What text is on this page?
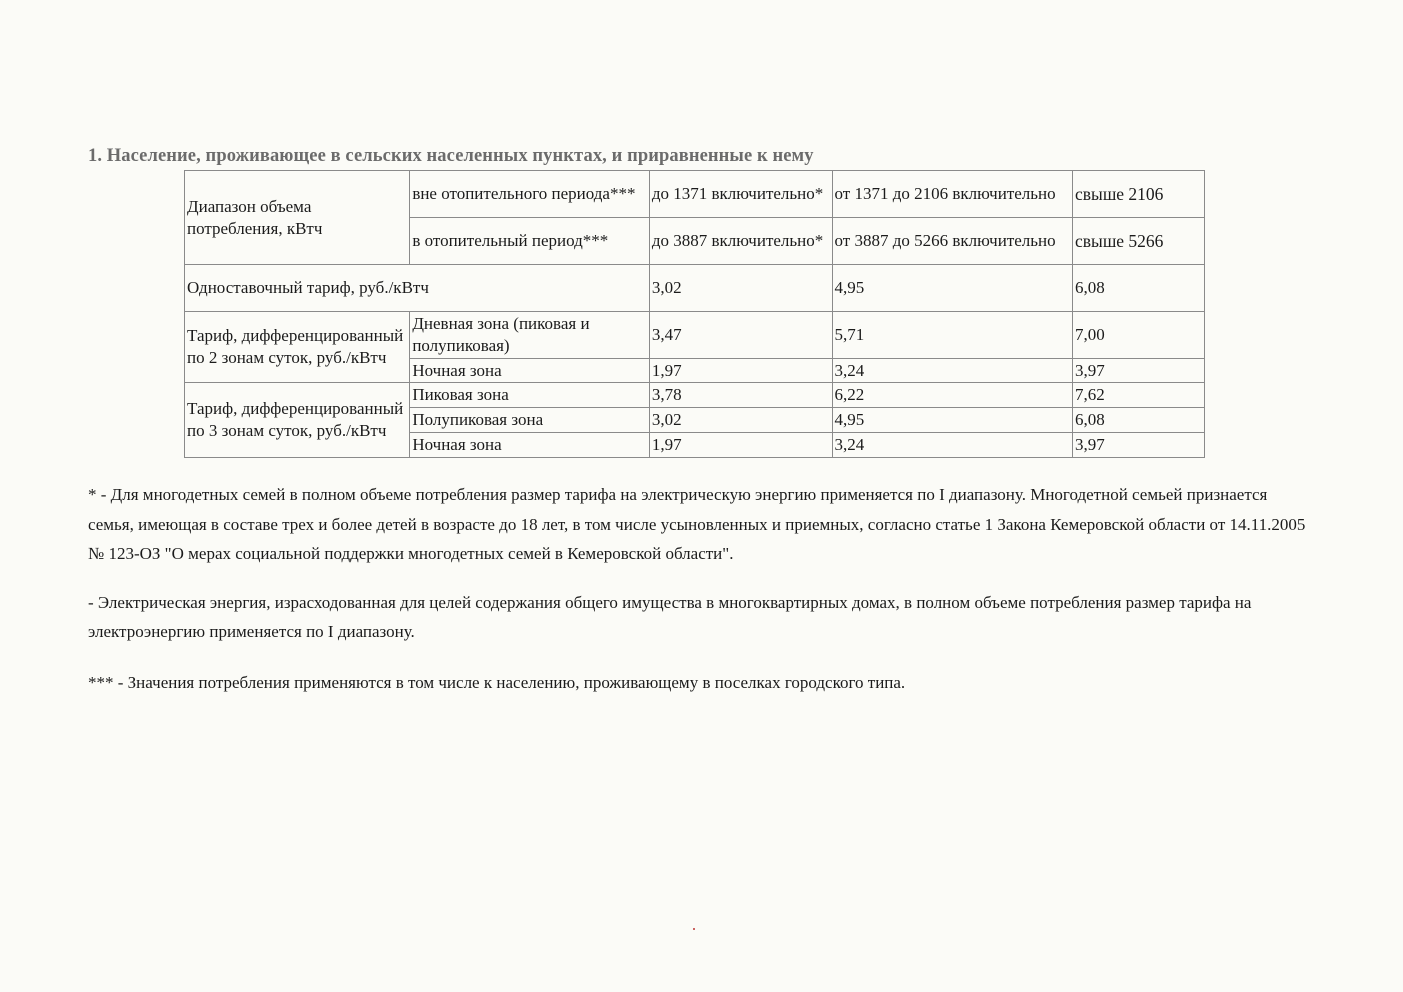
1. Население, проживающее в сельских населенных пунктах, и приравненные к нему
Диапазон объема потребления, кВтч	вне отопительного периода***	до 1371 включительно*	от 1371 до 2106 включительно	свыше 2106
	в отопительный период***	до 3887 включительно*	от 3887 до 5266 включительно	свыше 5266
Одноставочный тариф, руб./кВтч		3,02	4,95	6,08
Тариф, дифференцированный по 2 зонам суток, руб./кВтч	Дневная зона (пиковая и полупиковая)	3,47	5,71	7,00
	Ночная зона	1,97	3,24	3,97
Тариф, дифференцированный по 3 зонам суток, руб./кВтч	Пиковая зона	3,78	6,22	7,62
	Полупиковая зона	3,02	4,95	6,08
	Ночная зона	1,97	3,24	3,97

* - Для многодетных семей в полном объеме потребления размер тарифа на электрическую энергию применяется по I диапазону. Многодетной семьей признается семья, имеющая в составе трех и более детей в возрасте до 18 лет, в том числе усыновленных и приемных, согласно статье 1 Закона Кемеровской области от 14.11.2005 № 123-ОЗ "О мерах социальной поддержки многодетных семей в Кемеровской области".

- Электрическая энергия, израсходованная для целей содержания общего имущества в многоквартирных домах, в полном объеме потребления размер тарифа на электроэнергию применяется по I диапазону.

*** - Значения потребления применяются в том числе к населению, проживающему в поселках городского типа.
